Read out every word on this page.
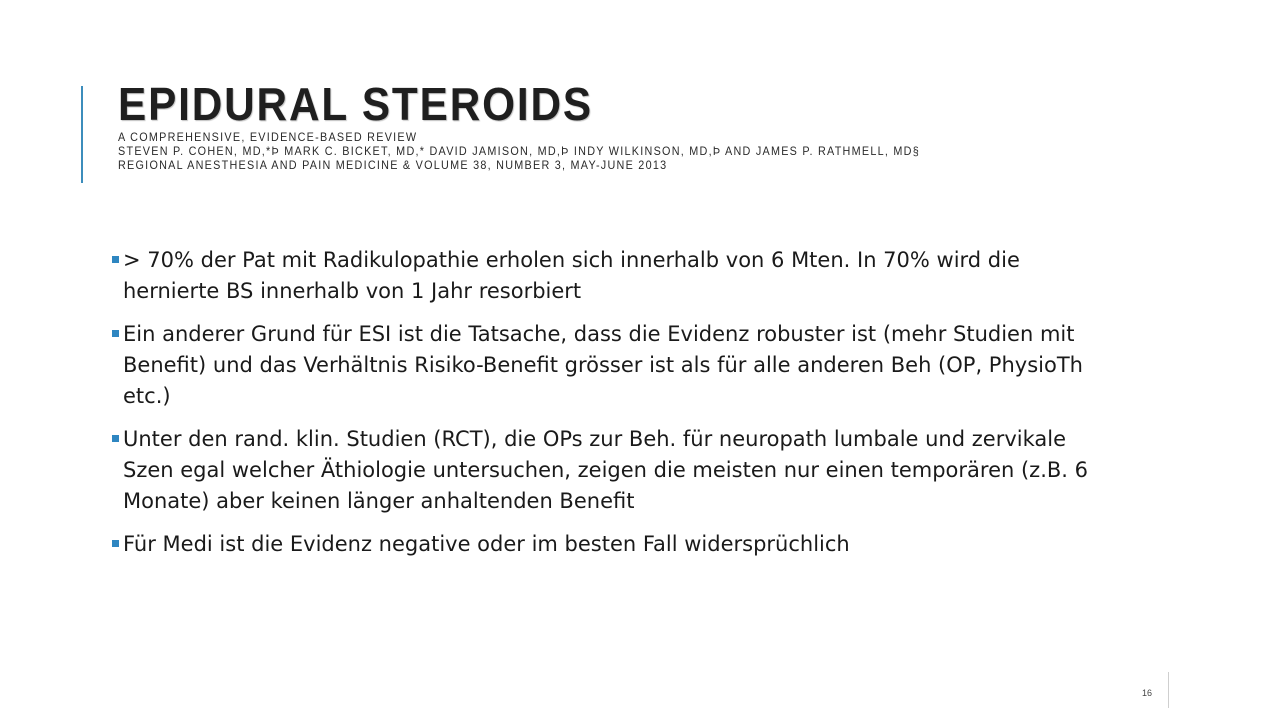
EPIDURAL STEROIDS
A COMPREHENSIVE, EVIDENCE-BASED REVIEW
STEVEN P. COHEN, MD,*Þ MARK C. BICKET, MD,* DAVID JAMISON, MD,Þ INDY WILKINSON, MD,Þ AND JAMES P. RATHMELL, MD§
REGIONAL ANESTHESIA AND PAIN MEDICINE & VOLUME 38, NUMBER 3, MAY-JUNE 2013
> 70% der Pat mit Radikulopathie erholen sich innerhalb von 6 Mten. In 70% wird die hernierte BS innerhalb von 1 Jahr resorbiert
Ein anderer Grund für ESI ist die Tatsache, dass die Evidenz robuster ist (mehr Studien mit Benefit) und das Verhältnis Risiko-Benefit grösser ist als für alle anderen Beh (OP, PhysioTh etc.)
Unter den rand. klin. Studien (RCT), die OPs zur Beh. für neuropath lumbale und zervikale Szen egal welcher Äthiologie untersuchen, zeigen die meisten nur einen temporären (z.B. 6 Monate) aber keinen länger anhaltenden Benefit
Für Medi ist die Evidenz negative oder im besten Fall widersprüchlich
16
